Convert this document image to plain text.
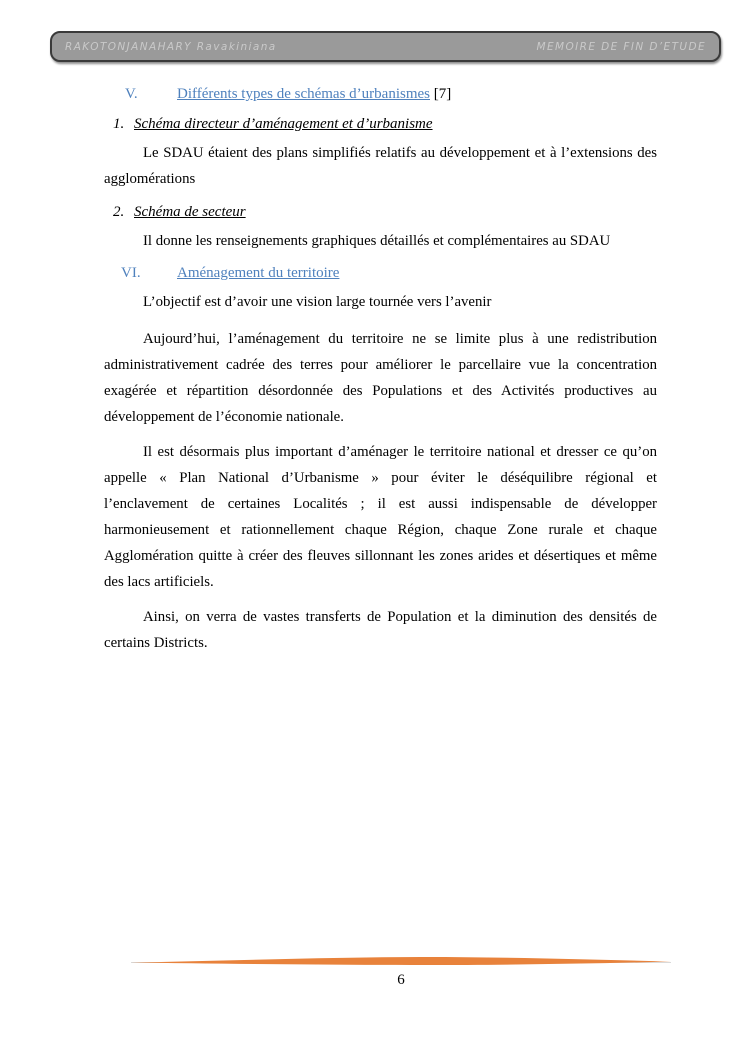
RAKOTONJANAHARY Ravakiniana	MEMOIRE DE FIN D’ETUDE
V.	Différents types de schémas d’urbanismes [7]
1. Schéma directeur d’aménagement et d’urbanisme
Le SDAU étaient des plans simplifiés relatifs au développement et à l’extensions des
agglomérations
2. Schéma de secteur
Il donne les renseignements graphiques détaillés et complémentaires au SDAU
VI. Aménagement du territoire
L’objectif est d’avoir une vision large tournée vers l’avenir
Aujourd’hui, l’aménagement du territoire ne se limite plus à une redistribution
administrativement cadrée des terres pour améliorer le parcellaire vue la concentration
exagérée et répartition désordonnée des Populations et des Activités productives au
développement de l’économie nationale.
Il est désormais plus important d’aménager le territoire national et dresser ce qu’on
appelle « Plan National d’Urbanisme » pour éviter le déséquilibre régional et
l’enclavement de certaines Localités ; il est aussi indispensable de développer
harmonieusement et rationnellement chaque Région, chaque Zone rurale et chaque
Agglomération quitte à créer des fleuves sillonnant les zones arides et désertiques et même
des lacs artificiels.
Ainsi, on verra de vastes transferts de Population et la diminution des densités de
certains Districts.
6
